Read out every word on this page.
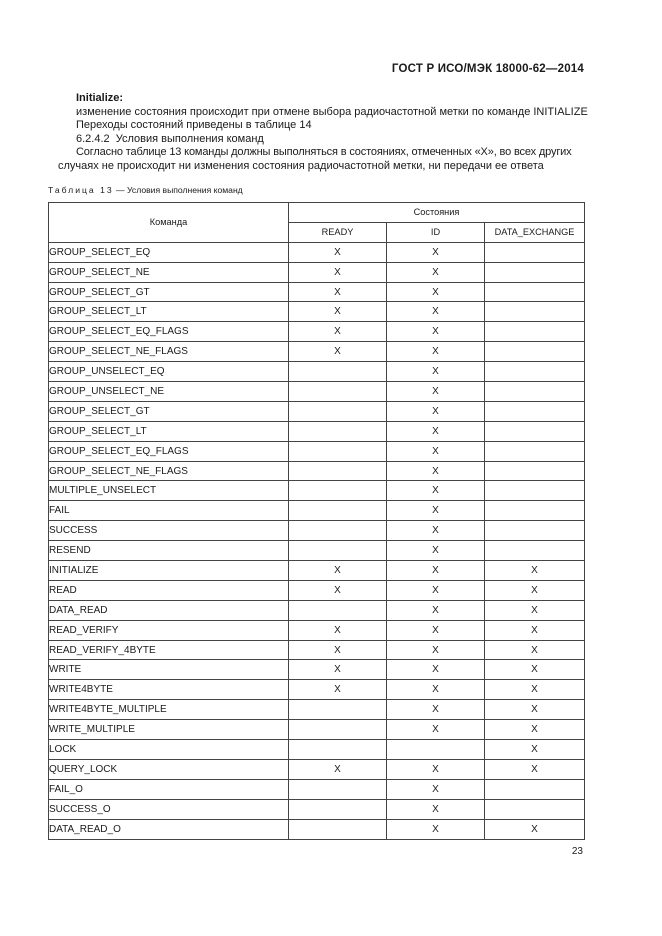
ГОСТ Р ИСО/МЭК 18000-62—2014
Initialize:
изменение состояния происходит при отмене выбора радиочастотной метки по команде INITIALIZE
Переходы состояний приведены в таблице 14
6.2.4.2  Условия выполнения команд
Согласно таблице 13 команды должны выполняться в состояниях, отмеченных «X», во всех других
случаях не происходит ни изменения состояния радиочастотной метки, ни передачи ее ответа
Таблица 13 — Условия выполнения команд
Команда	Состояния		
	READY	ID	DATA_EXCHANGE
GROUP_SELECT_EQ	X	X	
GROUP_SELECT_NE	X	X	
GROUP_SELECT_GT	X	X	
GROUP_SELECT_LT	X	X	
GROUP_SELECT_EQ_FLAGS	X	X	
GROUP_SELECT_NE_FLAGS	X	X	
GROUP_UNSELECT_EQ		X	
GROUP_UNSELECT_NE		X	
GROUP_SELECT_GT		X	
GROUP_SELECT_LT		X	
GROUP_SELECT_EQ_FLAGS		X	
GROUP_SELECT_NE_FLAGS		X	
MULTIPLE_UNSELECT		X	
FAIL		X	
SUCCESS		X	
RESEND		X	
INITIALIZE	X	X	X
READ	X	X	X
DATA_READ		X	X
READ_VERIFY	X	X	X
READ_VERIFY_4BYTE	X	X	X
WRITE	X	X	X
WRITE4BYTE	X	X	X
WRITE4BYTE_MULTIPLE		X	X
WRITE_MULTIPLE		X	X
LOCK			X
QUERY_LOCK	X	X	X
FAIL_O		X	
SUCCESS_O		X	
DATA_READ_O		X	X
23
